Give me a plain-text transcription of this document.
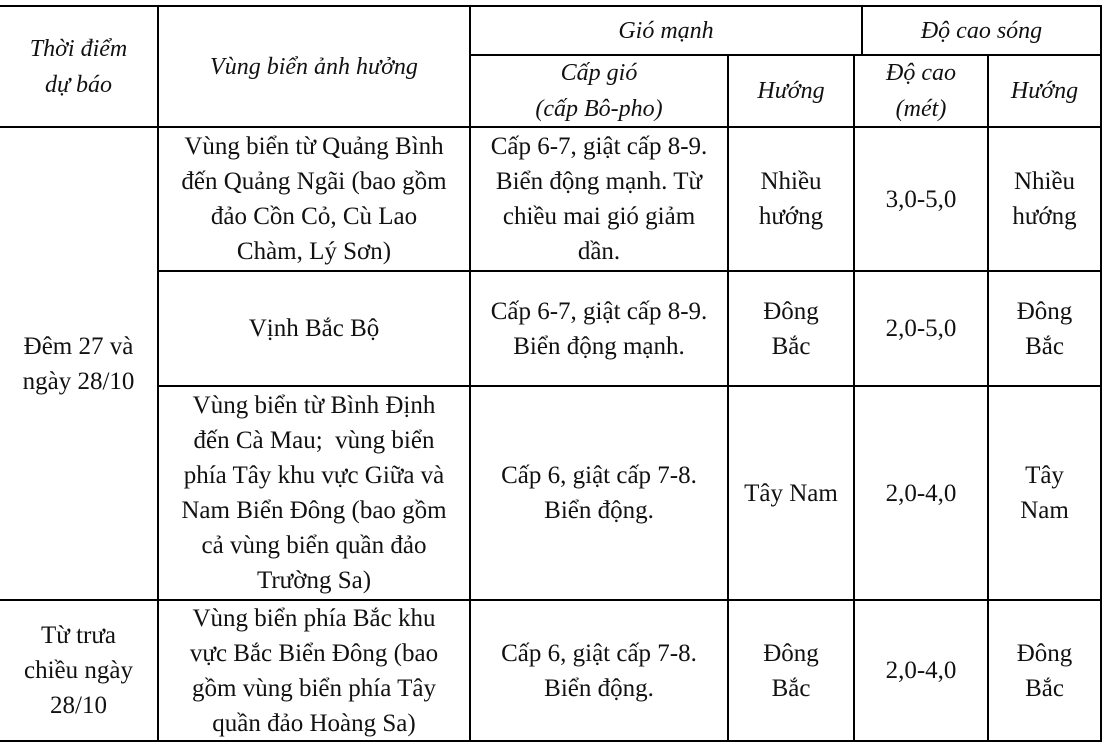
Thời điểm
dự báo
Vùng biển ảnh hưởng
Gió mạnh	Độ cao sóng
Cấp gió
(cấp Bô-pho)
Hướng
Độ cao
(mét)
Hướng
Đêm 27 và
ngày 28/10
Từ trưa
chiều ngày
28/10
Vùng biển từ Quảng Bình
đến Quảng Ngãi (bao gồm
đảo Cồn Cỏ, Cù Lao
Chàm, Lý Sơn)
Cấp 6-7, giật cấp 8-9.
Biển động mạnh. Từ
chiều mai gió giảm
dần.
Nhiều
hướng
3,0-5,0
Nhiều
hướng
Vịnh Bắc Bộ
Cấp 6-7, giật cấp 8-9.
Biển động mạnh.
Đông
Bắc
2,0-5,0
Đông
Bắc
Vùng biển từ Bình Định
đến Cà Mau;  vùng biển
phía Tây khu vực Giữa và
Nam Biển Đông (bao gồm
cả vùng biển quần đảo
Trường Sa)
Cấp 6, giật cấp 7-8.
Biển động.
Tây Nam 2,0-4,0
Tây
Nam
Vùng biển phía Bắc khu
vực Bắc Biển Đông (bao
gồm vùng biển phía Tây
quần đảo Hoàng Sa)
Cấp 6, giật cấp 7-8.
Biển động.
Đông
Bắc
2,0-4,0
Đông
Bắc
